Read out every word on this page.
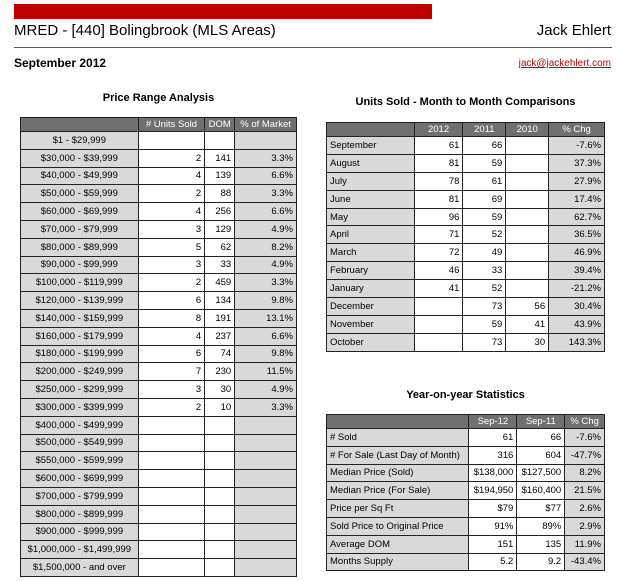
MRED - [440] Bolingbrook (MLS Areas)	Jack Ehlert
September 2012	jack@jackehlert.com
Price Range Analysis
	# Units Sold	DOM	% of Market
$1 - $29,999			
$30,000 - $39,999	2	141	3.3%
$40,000 - $49,999	4	139	6.6%
$50,000 - $59,999	2	88	3.3%
$60,000 - $69,999	4	256	6.6%
$70,000 - $79,999	3	129	4.9%
$80,000 - $89,999	5	62	8.2%
$90,000 - $99,999	3	33	4.9%
$100,000 - $119,999	2	459	3.3%
$120,000 - $139,999	6	134	9.8%
$140,000 - $159,999	8	191	13.1%
$160,000 - $179,999	4	237	6.6%
$180,000 - $199,999	6	74	9.8%
$200,000 - $249,999	7	230	11.5%
$250,000 - $299,999	3	30	4.9%
$300,000 - $399,999	2	10	3.3%
$400,000 - $499,999			
$500,000 - $549,999			
$550,000 - $599,999			
$600,000 - $699,999			
$700,000 - $799,999			
$800,000 - $899,999			
$900,000 - $999,999			
$1,000,000 - $1,499,999			
$1,500,000 - and over			
Units Sold - Month to Month Comparisons
	2012	2011	2010	% Chg
September	61	66		-7.6%
August	81	59		37.3%
July	78	61		27.9%
June	81	69		17.4%
May	96	59		62.7%
April	71	52		36.5%
March	72	49		46.9%
February	46	33		39.4%
January	41	52		-21.2%
December		73	56	30.4%
November		59	41	43.9%
October		73	30	143.3%
Year-on-year Statistics
	Sep-12	Sep-11	% Chg
# Sold	61	66	-7.6%
# For Sale (Last Day of Month)	316	604	-47.7%
Median Price (Sold)	$138,000	$127,500	8.2%
Median Price (For Sale)	$194,950	$160,400	21.5%
Price per Sq Ft	$79	$77	2.6%
Sold Price to Original Price	91%	89%	2.9%
Average DOM	151	135	11.9%
Months Supply	5.2	9.2	-43.4%
